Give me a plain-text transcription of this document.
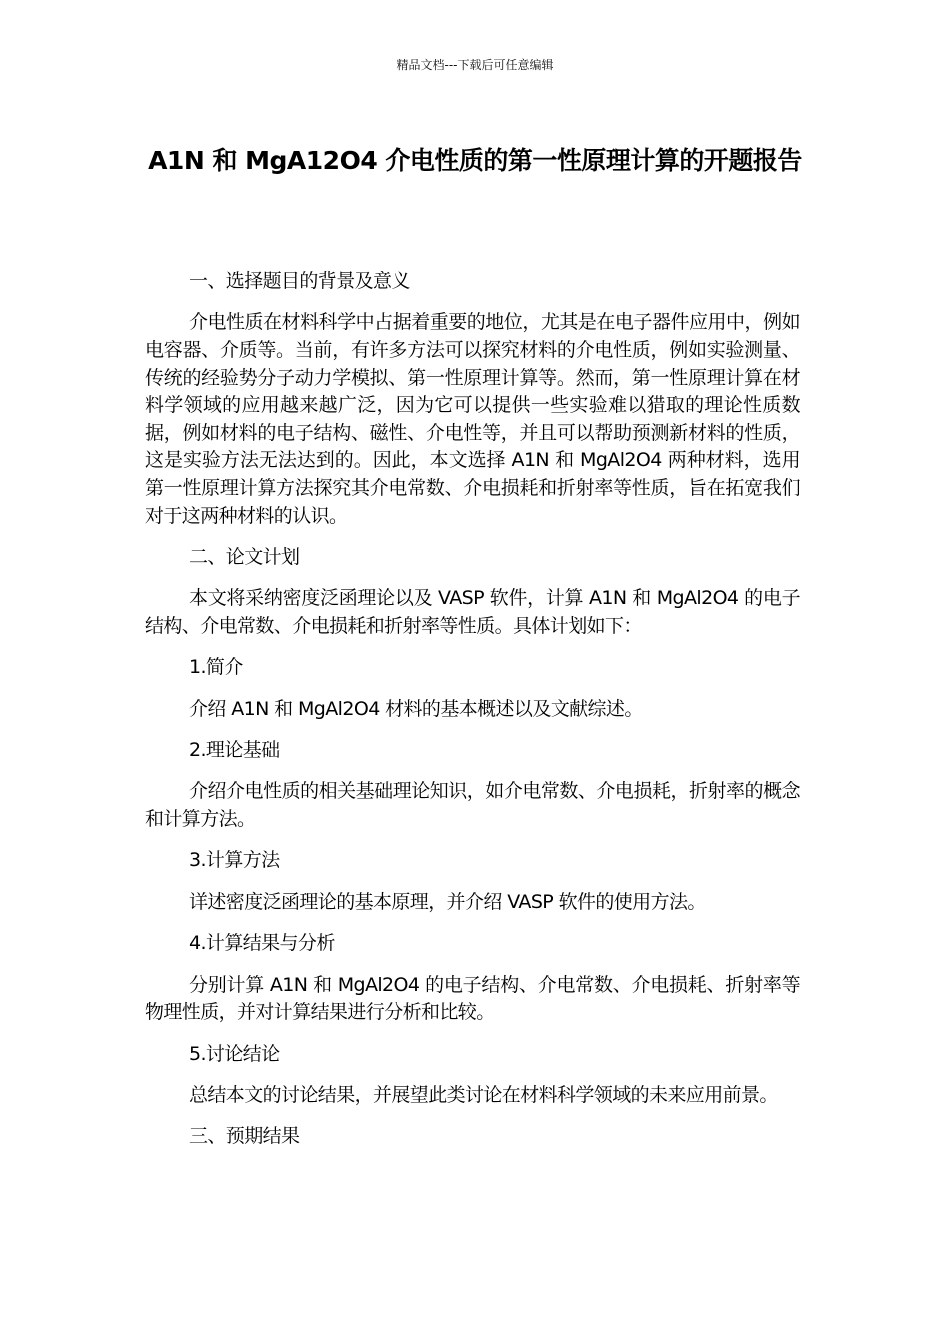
精品文档---下载后可任意编辑
A1N 和 MgA12O4 介电性质的第一性原理计算的开题报告

一、选择题目的背景及意义

介电性质在材料科学中占据着重要的地位，尤其是在电子器件应用中，例如电容器、介质等。当前，有许多方法可以探究材料的介电性质，例如实验测量、传统的经验势分子动力学模拟、第一性原理计算等。然而，第一性原理计算在材料学领域的应用越来越广泛，因为它可以提供一些实验难以猎取的理论性质数据，例如材料的电子结构、磁性、介电性等，并且可以帮助预测新材料的性质，这是实验方法无法达到的。因此，本文选择 A1N 和 MgAl2O4 两种材料，选用第一性原理计算方法探究其介电常数、介电损耗和折射率等性质，旨在拓宽我们对于这两种材料的认识。

二、论文计划

本文将采纳密度泛函理论以及 VASP 软件，计算 A1N 和 MgAl2O4 的电子结构、介电常数、介电损耗和折射率等性质。具体计划如下：

1.简介

介绍 A1N 和 MgAl2O4 材料的基本概述以及文献综述。

2.理论基础

介绍介电性质的相关基础理论知识，如介电常数、介电损耗，折射率的概念和计算方法。

3.计算方法

详述密度泛函理论的基本原理，并介绍 VASP 软件的使用方法。

4.计算结果与分析

分别计算 A1N 和 MgAl2O4 的电子结构、介电常数、介电损耗、折射率等物理性质，并对计算结果进行分析和比较。

5.讨论结论

总结本文的讨论结果，并展望此类讨论在材料科学领域的未来应用前景。

三、预期结果
